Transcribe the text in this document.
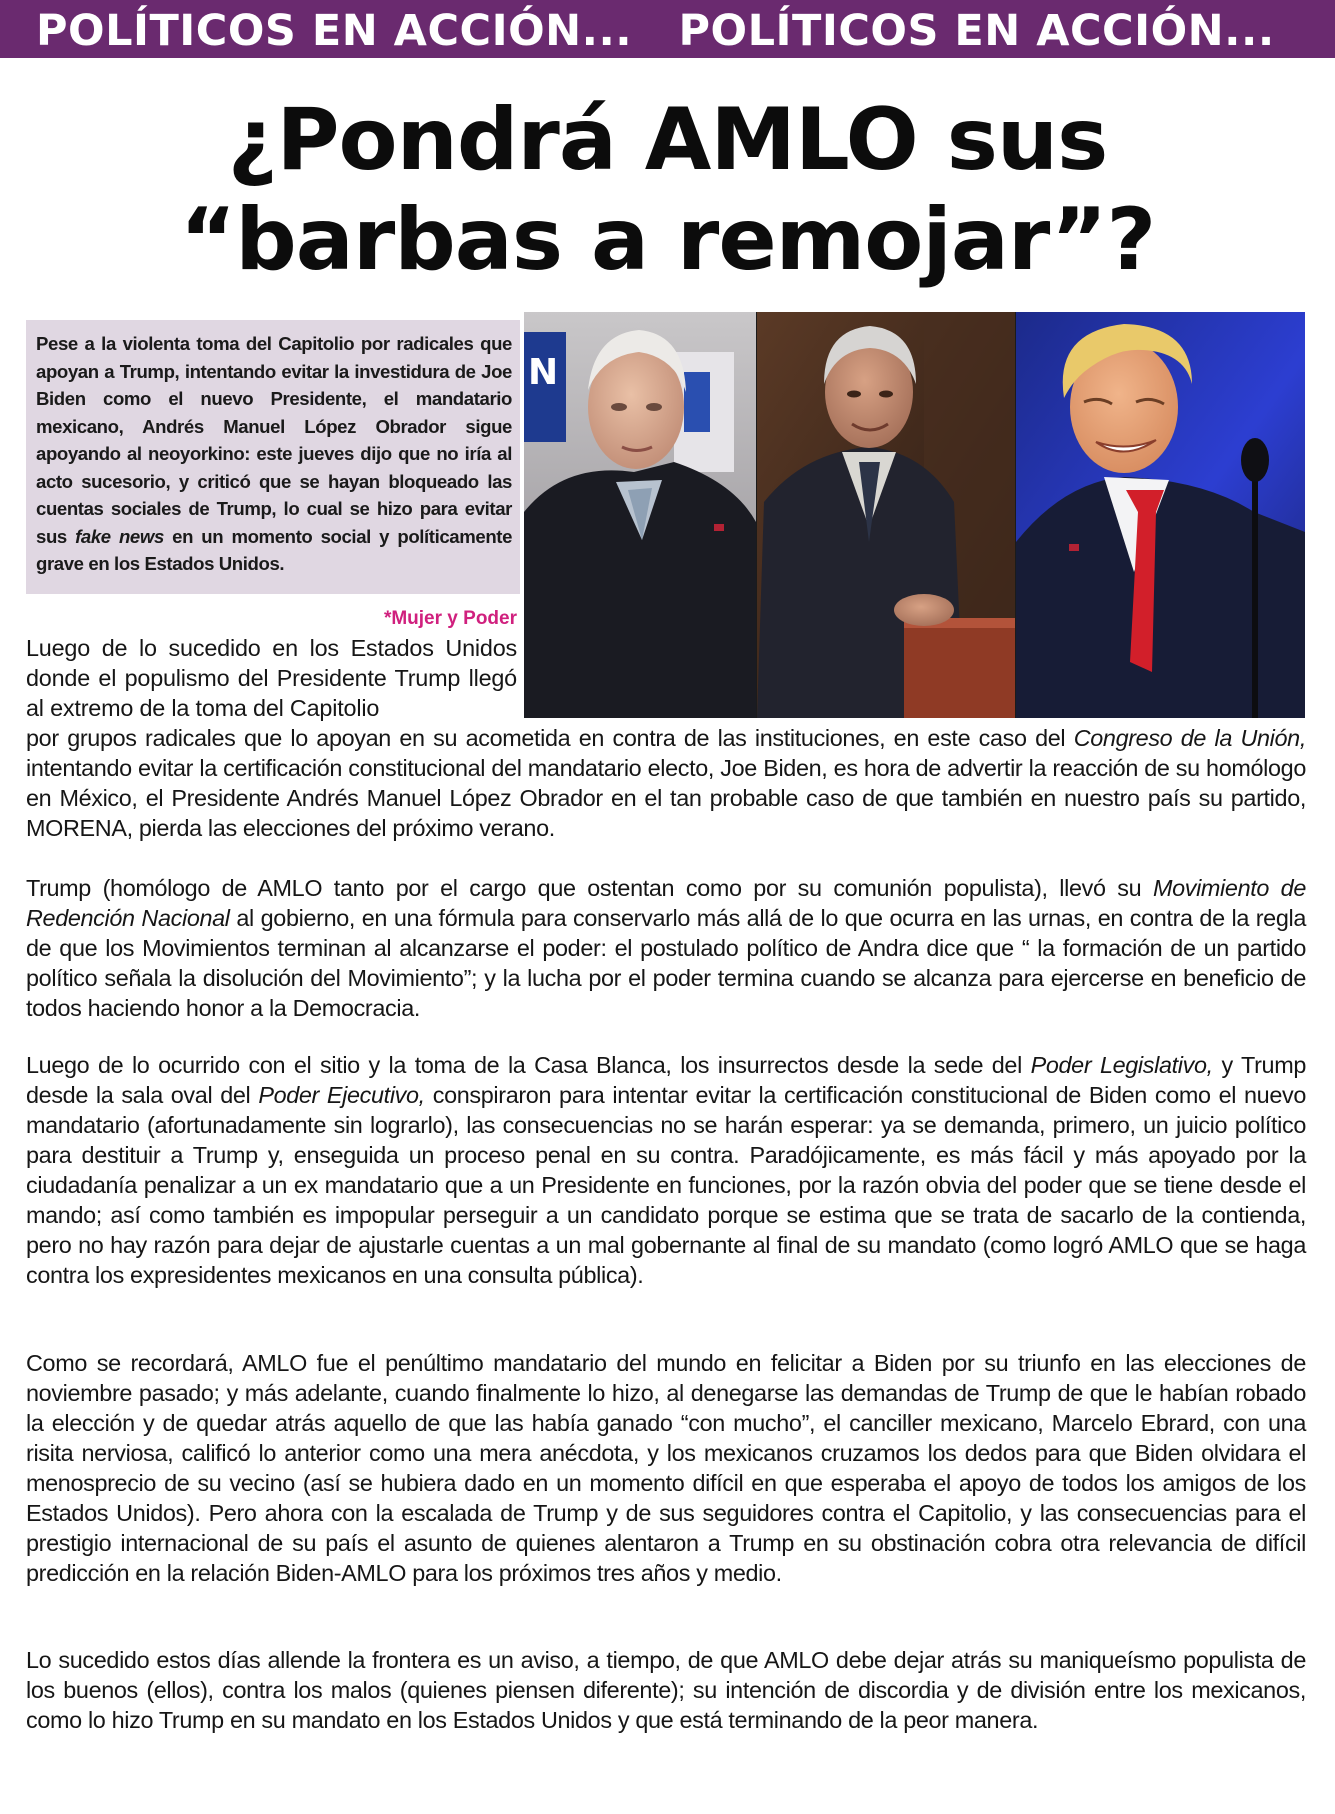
POLÍTICOS EN ACCIÓN...   POLÍTICOS EN ACCIÓN...
¿Pondrá AMLO sus
“barbas a remojar”?
Pese a la violenta toma del Capitolio por radicales que apoyan a Trump, intentando evitar la investidura de Joe Biden como el nuevo Presidente, el mandatario mexicano, Andrés Manuel López Obrador sigue apoyando al neoyorkino: este jueves dijo que no iría al acto sucesorio, y criticó que se hayan bloqueado las cuentas sociales de Trump, lo cual se hizo para evitar sus fake news en un momento social y políticamente grave en los Estados Unidos.
N
*Mujer y Poder

Luego de lo sucedido en los Estados Unidos donde el populismo del Presidente Trump llegó al extremo de la toma del Capitolio

por grupos radicales que lo apoyan en su acometida en contra de las instituciones, en este caso del Congreso de la Unión, intentando evitar la certificación constitucional del mandatario electo, Joe Biden, es hora de advertir la reacción de su homólogo en México, el Presidente Andrés Manuel López Obrador en el tan probable caso de que también en nuestro país su partido, MORENA, pierda las elecciones del próximo verano.

Trump (homólogo de AMLO tanto por el cargo que ostentan como por su comunión populista), llevó su Movimiento de Redención Nacional al gobierno, en una fórmula para conservarlo más allá de lo que ocurra en las urnas, en contra de la regla de que los Movimientos terminan al alcanzarse el poder: el postulado político de Andra dice que “ la formación de un partido político señala la disolución del Movimiento”; y la lucha por el poder termina cuando se alcanza para ejercerse en beneficio de todos haciendo honor a la Democracia.

Luego de lo ocurrido con el sitio y la toma de la Casa Blanca, los insurrectos desde la sede del Poder Legislativo, y Trump desde la sala oval del Poder Ejecutivo, conspiraron para intentar evitar la certificación constitucional de Biden como el nuevo mandatario (afortunadamente sin lograrlo), las consecuencias no se harán esperar: ya se demanda, primero, un juicio político para destituir a Trump y, enseguida un proceso penal en su contra. Paradójicamente, es más fácil y más apoyado por la ciudadanía penalizar a un ex mandatario que a un Presidente en funciones, por la razón obvia del poder que se tiene desde el mando; así como también es impopular perseguir a un candidato porque se estima que se trata de sacarlo de la contienda, pero no hay razón para dejar de ajustarle cuentas a un mal gobernante al final de su mandato (como logró AMLO que se haga contra los expresidentes mexicanos en una consulta pública).

Como se recordará, AMLO fue el penúltimo mandatario del mundo en felicitar a Biden por su triunfo en las elecciones de noviembre pasado; y más adelante, cuando finalmente lo hizo, al denegarse las demandas de Trump de que le habían robado la elección y de quedar atrás aquello de que las había ganado “con mucho”, el canciller mexicano, Marcelo Ebrard, con una risita nerviosa, calificó lo anterior como una mera anécdota, y los mexicanos cruzamos los dedos para que Biden olvidara el menosprecio de su vecino (así se hubiera dado en un momento difícil en que esperaba el apoyo de todos los amigos de los Estados Unidos). Pero ahora con la escalada de Trump y de sus seguidores contra el Capitolio, y las consecuencias para el prestigio internacional de su país el asunto de quienes alentaron a Trump en su obstinación cobra otra relevancia de difícil predicción en la relación Biden-AMLO para los próximos tres años y medio.

Lo sucedido estos días allende la frontera es un aviso, a tiempo, de que AMLO debe dejar atrás su maniqueísmo populista de los buenos (ellos), contra los malos (quienes piensen diferente); su intención de discordia y de división entre los mexicanos, como lo hizo Trump en su mandato en los Estados Unidos y que está terminando de la peor manera.
